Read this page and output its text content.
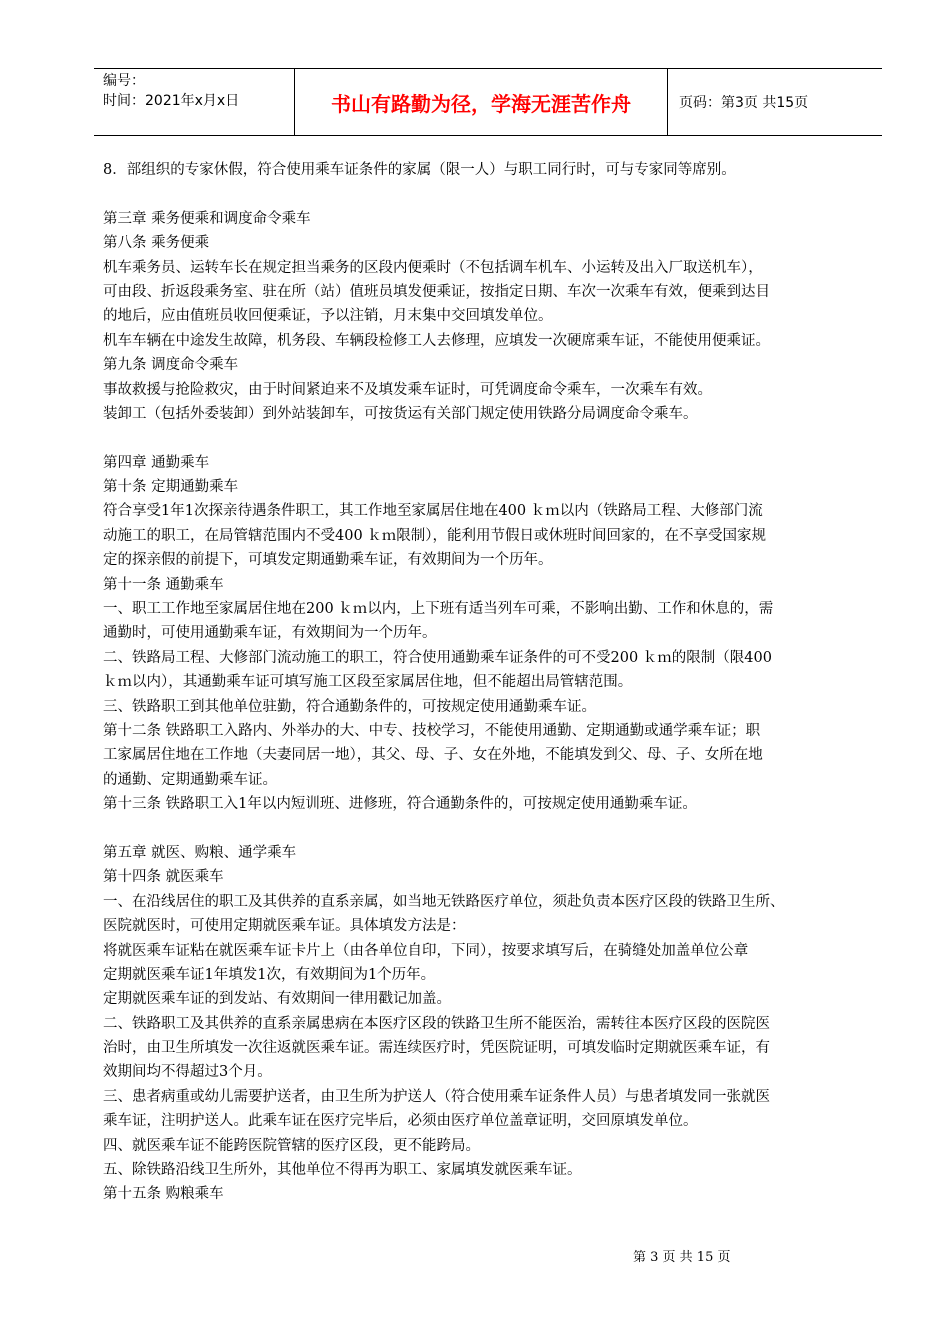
编号：
时间：2021年x月x日	书山有路勤为径，学海无涯苦作舟	页码：第3页 共15页
8．部组织的专家休假，符合使用乘车证条件的家属（限一人）与职工同行时，可与专家同等席别。
第三章 乘务便乘和调度命令乘车
第八条 乘务便乘
机车乘务员、运转车长在规定担当乘务的区段内便乘时（不包括调车机车、小运转及出入厂取送机车），
可由段、折返段乘务室、驻在所（站）值班员填发便乘证，按指定日期、车次一次乘车有效，便乘到达目
的地后，应由值班员收回便乘证，予以注销，月末集中交回填发单位。
机车车辆在中途发生故障，机务段、车辆段检修工人去修理，应填发一次硬席乘车证，不能使用便乘证。
第九条 调度命令乘车
事故救援与抢险救灾，由于时间紧迫来不及填发乘车证时，可凭调度命令乘车，一次乘车有效。
装卸工（包括外委装卸）到外站装卸车，可按货运有关部门规定使用铁路分局调度命令乘车。
第四章 通勤乘车
第十条 定期通勤乘车
符合享受1年1次探亲待遇条件职工，其工作地至家属居住地在400 ｋｍ以内（铁路局工程、大修部门流
动施工的职工，在局管辖范围内不受400 ｋｍ限制），能利用节假日或休班时间回家的，在不享受国家规
定的探亲假的前提下，可填发定期通勤乘车证，有效期间为一个历年。
第十一条 通勤乘车
一、职工工作地至家属居住地在200 ｋｍ以内，上下班有适当列车可乘，不影响出勤、工作和休息的，需
通勤时，可使用通勤乘车证，有效期间为一个历年。
二、铁路局工程、大修部门流动施工的职工，符合使用通勤乘车证条件的可不受200 ｋｍ的限制（限400
ｋｍ以内），其通勤乘车证可填写施工区段至家属居住地，但不能超出局管辖范围。
三、铁路职工到其他单位驻勤，符合通勤条件的，可按规定使用通勤乘车证。
第十二条 铁路职工入路内、外举办的大、中专、技校学习，不能使用通勤、定期通勤或通学乘车证；职
工家属居住地在工作地（夫妻同居一地），其父、母、子、女在外地，不能填发到父、母、子、女所在地
的通勤、定期通勤乘车证。
第十三条 铁路职工入1年以内短训班、进修班，符合通勤条件的，可按规定使用通勤乘车证。
第五章 就医、购粮、通学乘车
第十四条 就医乘车
一、在沿线居住的职工及其供养的直系亲属，如当地无铁路医疗单位，须赴负责本医疗区段的铁路卫生所、
医院就医时，可使用定期就医乘车证。具体填发方法是：
将就医乘车证粘在就医乘车证卡片上（由各单位自印，下同），按要求填写后，在骑缝处加盖单位公章
定期就医乘车证1年填发1次，有效期间为1个历年。
定期就医乘车证的到发站、有效期间一律用戳记加盖。
二、铁路职工及其供养的直系亲属患病在本医疗区段的铁路卫生所不能医治，需转往本医疗区段的医院医
治时，由卫生所填发一次往返就医乘车证。需连续医疗时，凭医院证明，可填发临时定期就医乘车证，有
效期间均不得超过3个月。
三、患者病重或幼儿需要护送者，由卫生所为护送人（符合使用乘车证条件人员）与患者填发同一张就医
乘车证，注明护送人。此乘车证在医疗完毕后，必须由医疗单位盖章证明，交回原填发单位。
四、就医乘车证不能跨医院管辖的医疗区段，更不能跨局。
五、除铁路沿线卫生所外，其他单位不得再为职工、家属填发就医乘车证。
第十五条 购粮乘车
第 3 页 共 15 页
